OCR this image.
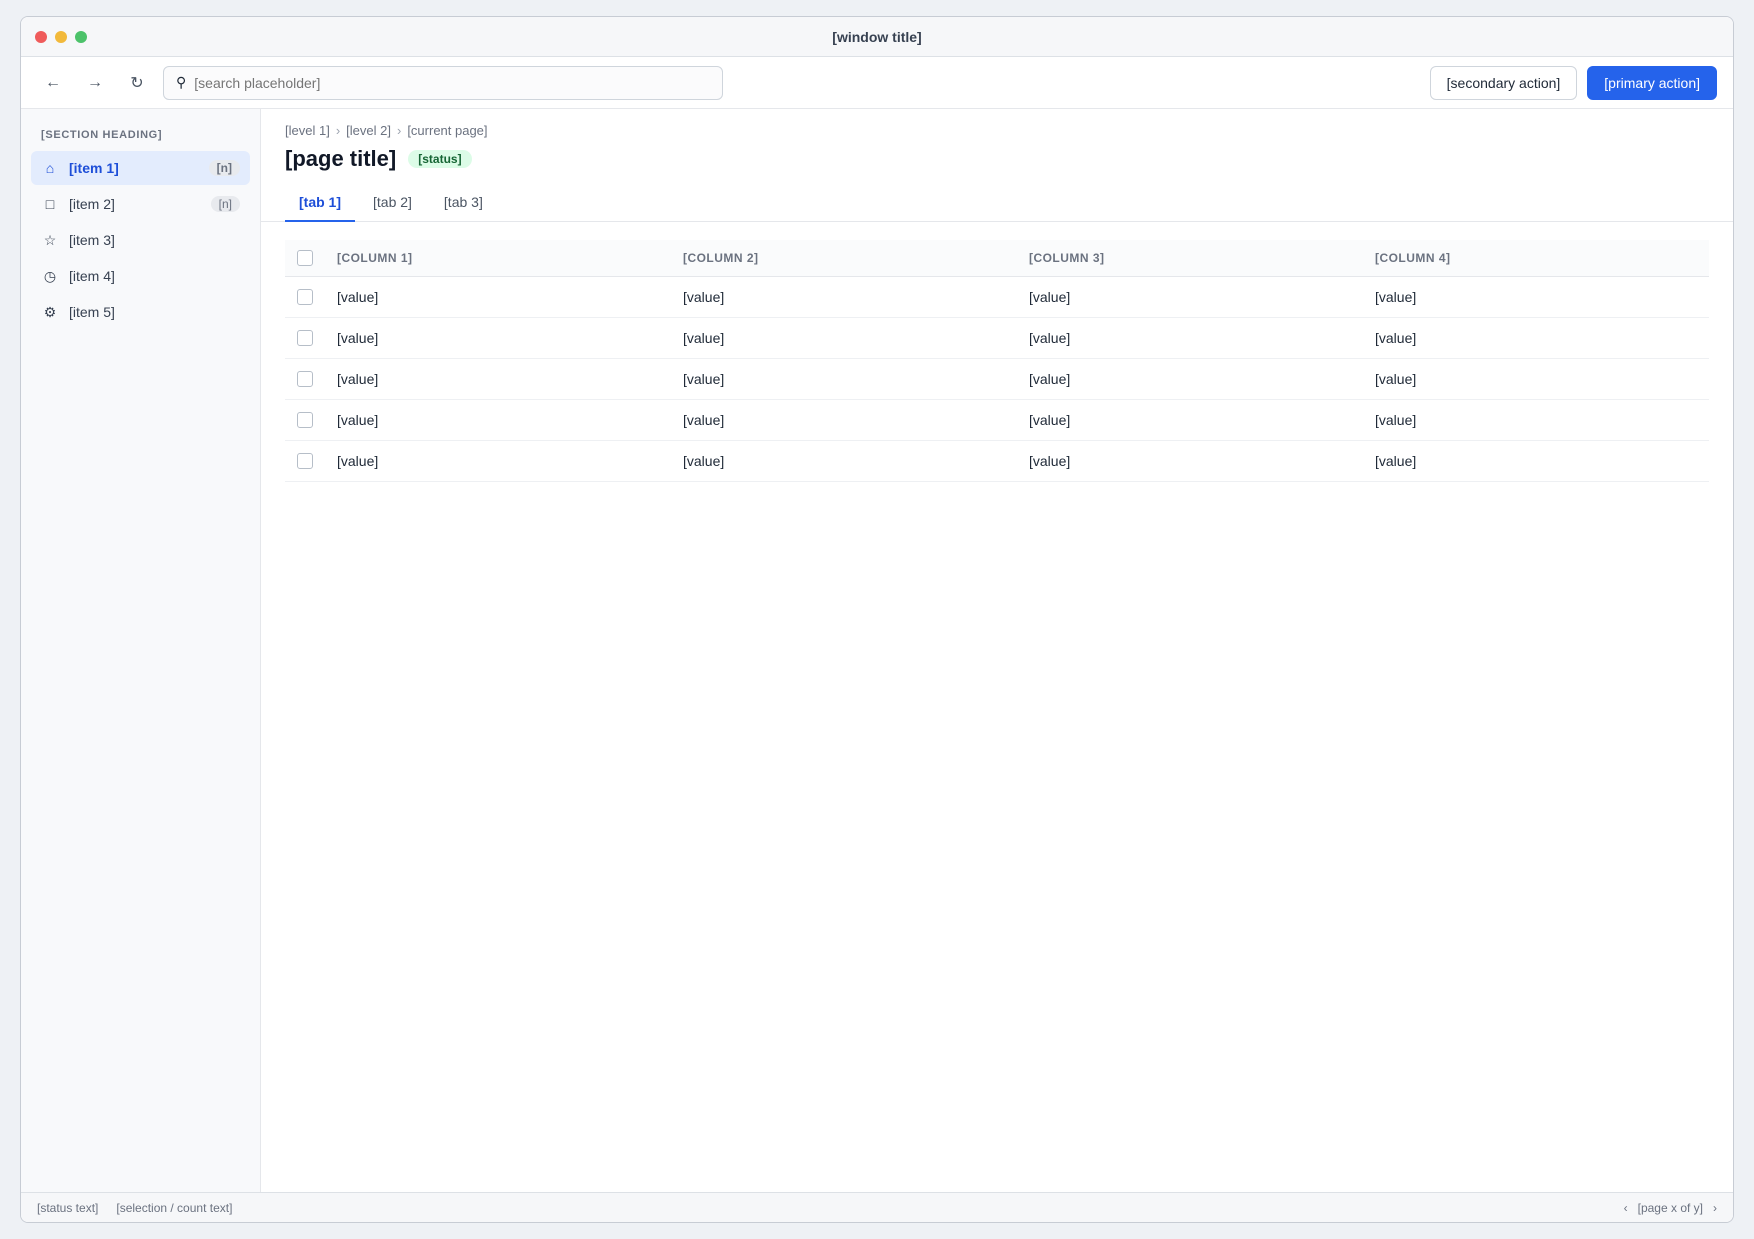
[window title]
←	→	↻	⚲
[search placeholder]	[secondary action]	[primary action]
[SECTION HEADING]
⌂	[item 1]	[n]
□	[item 2]	[n]
☆ [item 3]
◷ [item 4]
⚙ [item 5]
[level 1] › [level 2] › [current page]
[page title]	[status]
[tab 1]	[tab 2]	[tab 3]
	[COLUMN 1]	[COLUMN 2]	[COLUMN 3]	[COLUMN 4]

	[value]	[value]	[value]	[value]

	[value]	[value]	[value]	[value]

	[value]	[value]	[value]	[value]

	[value]	[value]	[value]	[value]

	[value]	[value]	[value]	[value]
[status text] [selection / count text]	‹ [page x of y] ›
